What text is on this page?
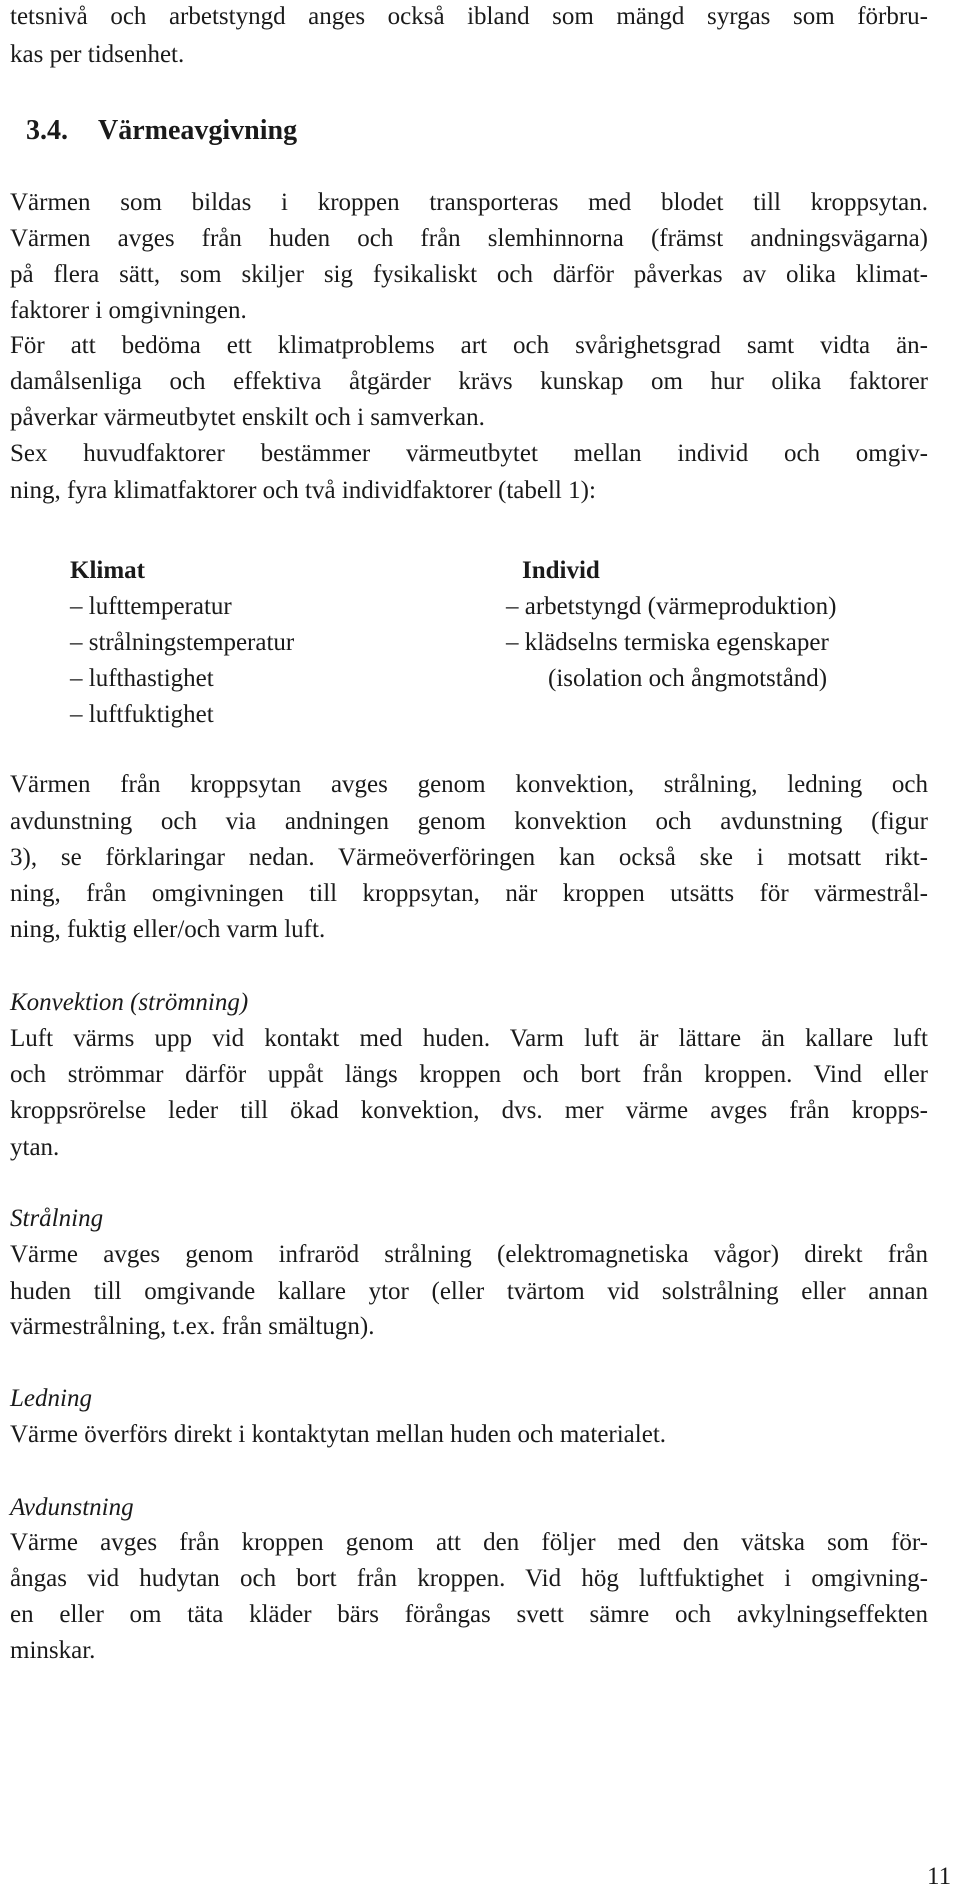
tetsnivå och arbetstyngd anges också ibland som mängd syrgas som förbru-
kas per tidsenhet.
3.4. Värmeavgivning
Värmen som bildas i kroppen transporteras med blodet till kroppsytan.
Värmen avges från huden och från slemhinnorna (främst andningsvägarna)
på flera sätt, som skiljer sig fysikaliskt och därför påverkas av olika klimat-
faktorer i omgivningen.
För att bedöma ett klimatproblems art och svårighetsgrad samt vidta än-
damålsenliga och effektiva åtgärder krävs kunskap om hur olika faktorer
påverkar värmeutbytet enskilt och i samverkan.
Sex huvudfaktorer bestämmer värmeutbytet mellan individ och omgiv-
ning, fyra klimatfaktorer och två individfaktorer (tabell 1):
Klimat
– lufttemperatur
– strålningstemperatur
– lufthastighet
– luftfuktighet
Individ
– arbetstyngd (värmeproduktion)
– klädselns termiska egenskaper
(isolation och ångmotstånd)
Värmen från kroppsytan avges genom konvektion, strålning, ledning och
avdunstning och via andningen genom konvektion och avdunstning (figur
3), se förklaringar nedan. Värmeöverföringen kan också ske i motsatt rikt-
ning, från omgivningen till kroppsytan, när kroppen utsätts för värmestrål-
ning, fuktig eller/och varm luft.
Konvektion (strömning)
Luft värms upp vid kontakt med huden. Varm luft är lättare än kallare luft
och strömmar därför uppåt längs kroppen och bort från kroppen. Vind eller
kroppsrörelse leder till ökad konvektion, dvs. mer värme avges från kropps-
ytan.
Strålning
Värme avges genom infraröd strålning (elektromagnetiska vågor) direkt från
huden till omgivande kallare ytor (eller tvärtom vid solstrålning eller annan
värmestrålning, t.ex. från smältugn).
Ledning
Värme överförs direkt i kontaktytan mellan huden och materialet.
Avdunstning
Värme avges från kroppen genom att den följer med den vätska som för-
ångas vid hudytan och bort från kroppen. Vid hög luftfuktighet i omgivning-
en eller om täta kläder bärs förångas svett sämre och avkylningseffekten
minskar.
11
